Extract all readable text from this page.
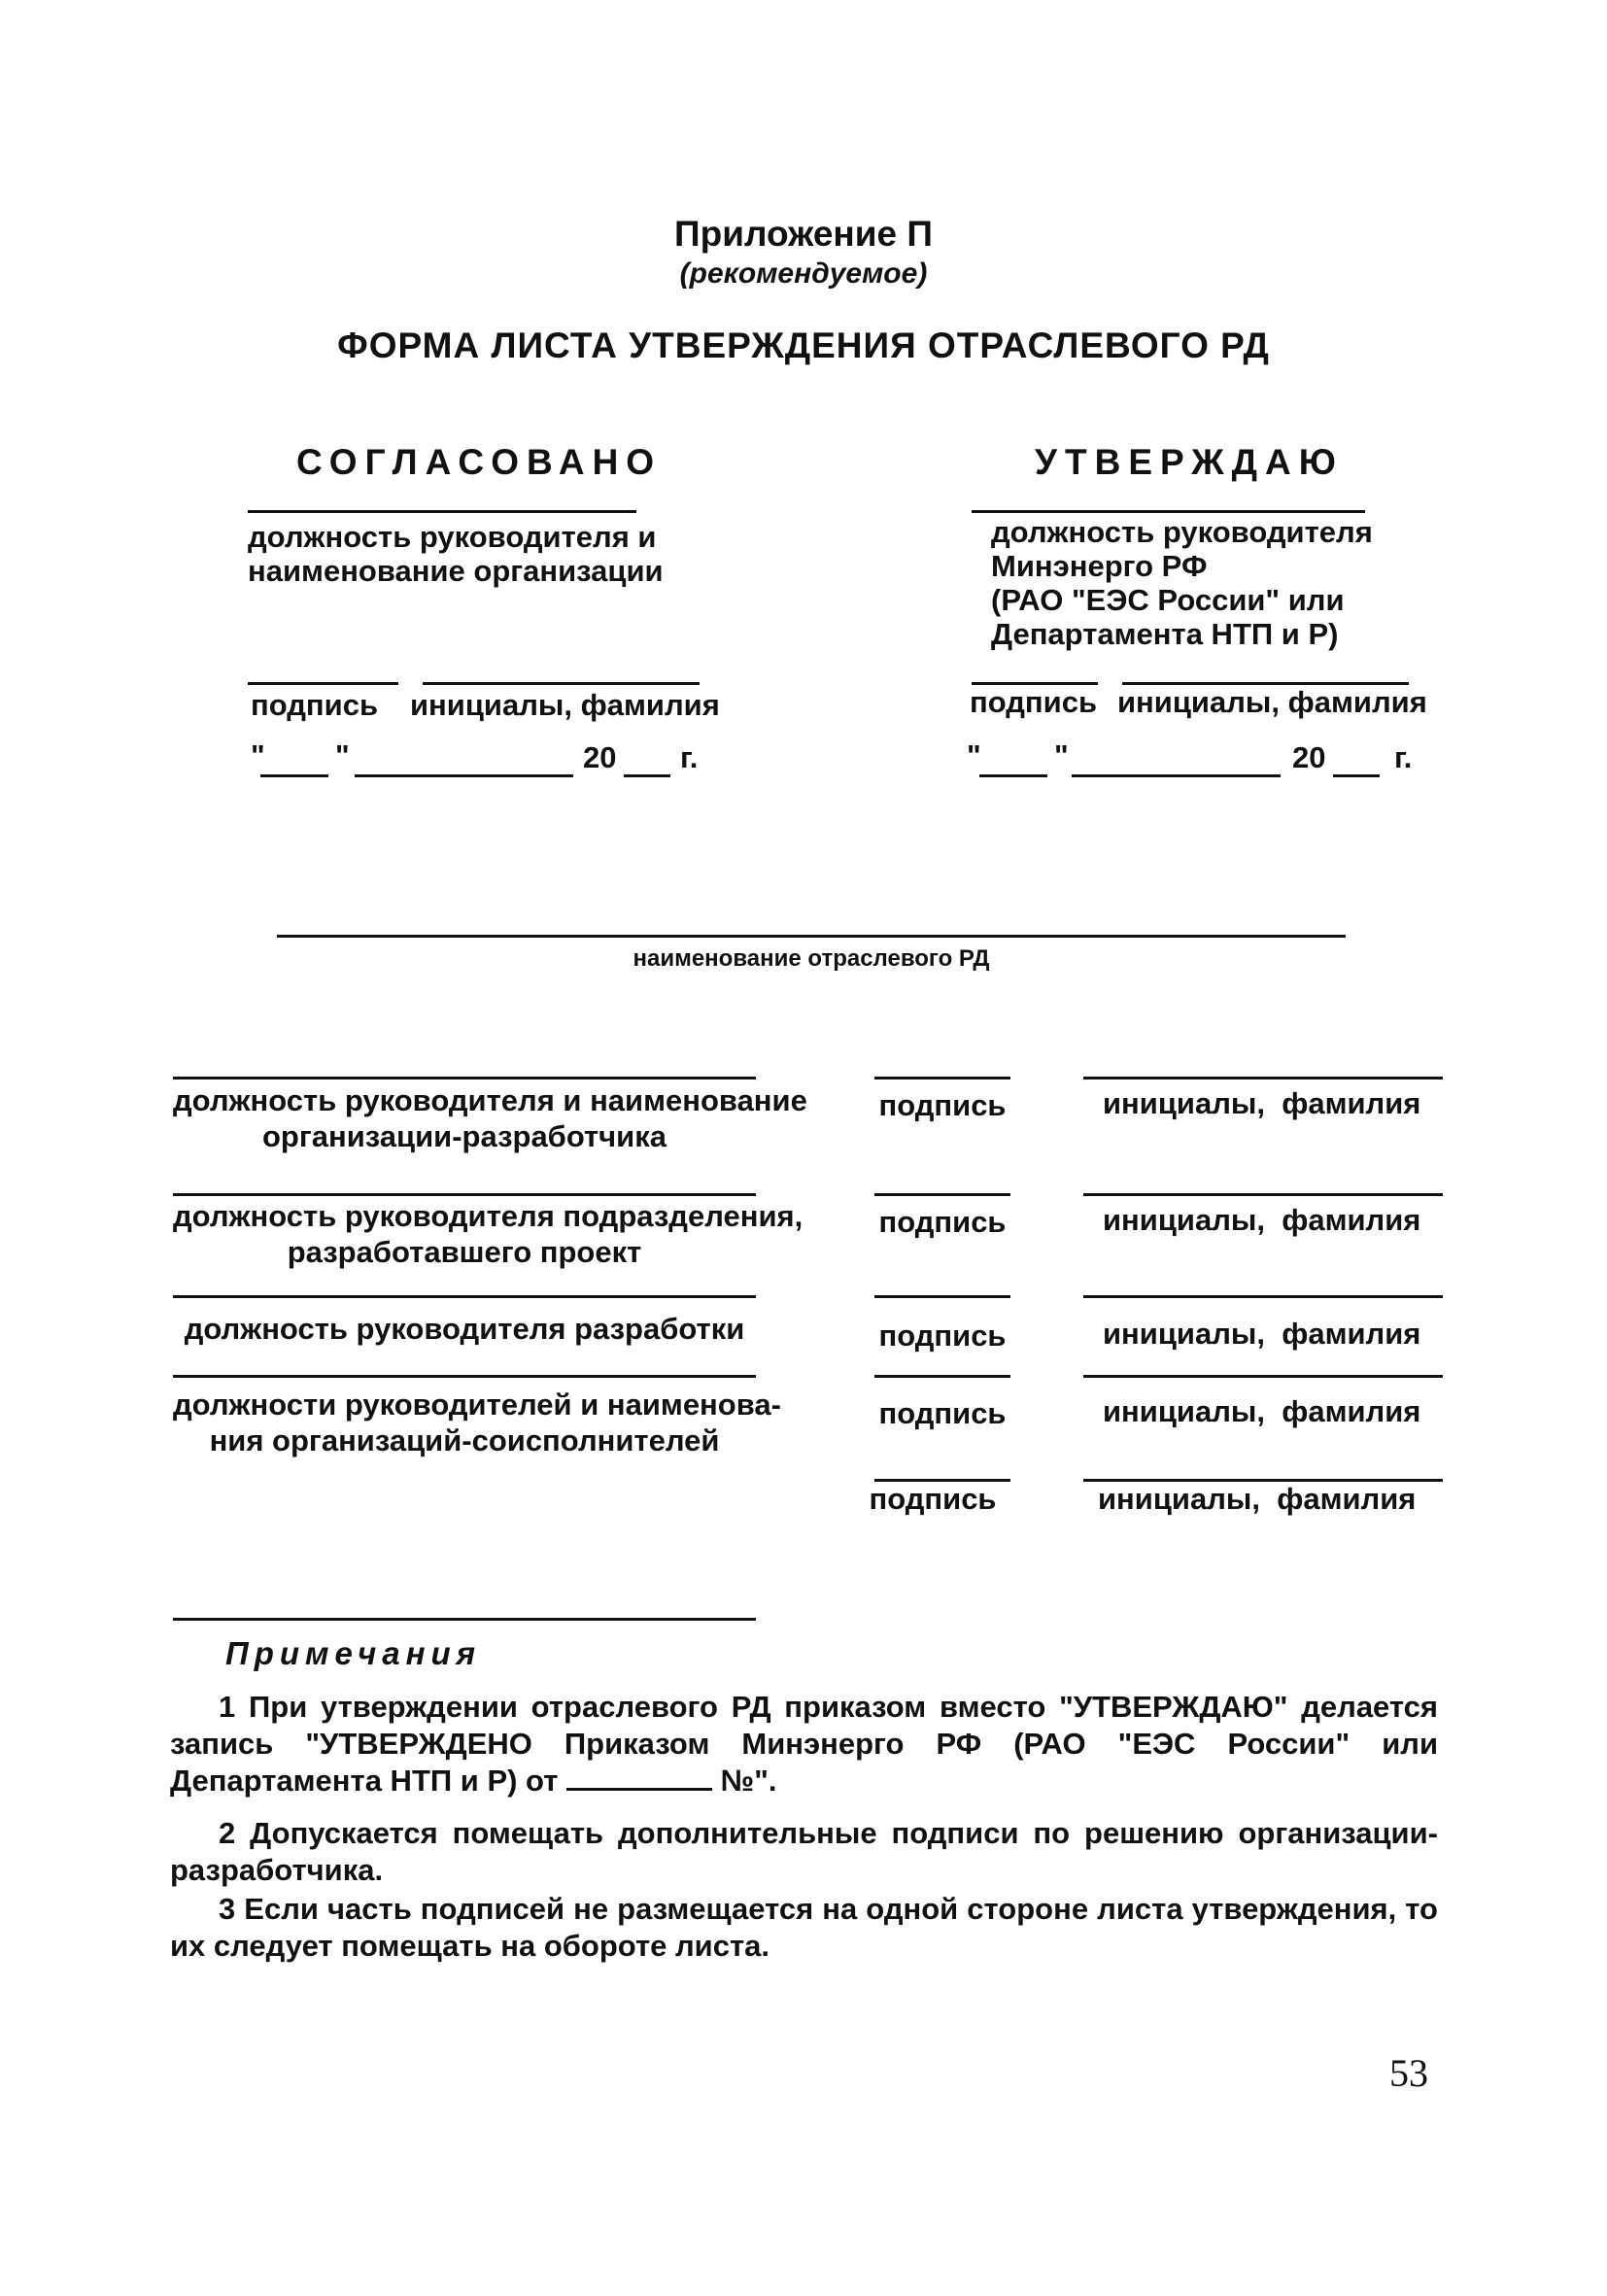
Приложение П
(рекомендуемое)
ФОРМА ЛИСТА УТВЕРЖДЕНИЯ ОТРАСЛЕВОГО РД
СОГЛАСОВАНО
должность руководителя и
наименование организации
подпись инициалы, фамилия
" "	20 г.
УТВЕРЖДАЮ
должность руководителя
Минэнерго РФ
(РАО "ЕЭС России" или
Департамента НТП и Р)
подпись инициалы, фамилия
" "	20 г.
наименование отраслевого РД
должность руководителя и наименование
организации-разработчика
подпись	инициалы,  фамилия
должность руководителя подразделения,
разработавшего проект
подпись	инициалы,  фамилия
должность руководителя разработки	подпись	инициалы,  фамилия
должности руководителей и наименова-
ния организаций-соисполнителей
подпись	инициалы,  фамилия
подпись	инициалы,  фамилия
Примечания
1 При утверждении отраслевого РД приказом вместо "УТВЕРЖДАЮ" делается запись "УТВЕРЖДЕНО Приказом Минэнерго РФ (РАО "ЕЭС России" или Департамента НТП и Р) от	№".
2 Допускается помещать дополнительные подписи по решению организации-разработчика.
3 Если часть подписей не размещается на одной стороне листа утверждения, то их следует помещать на обороте листа.
53
